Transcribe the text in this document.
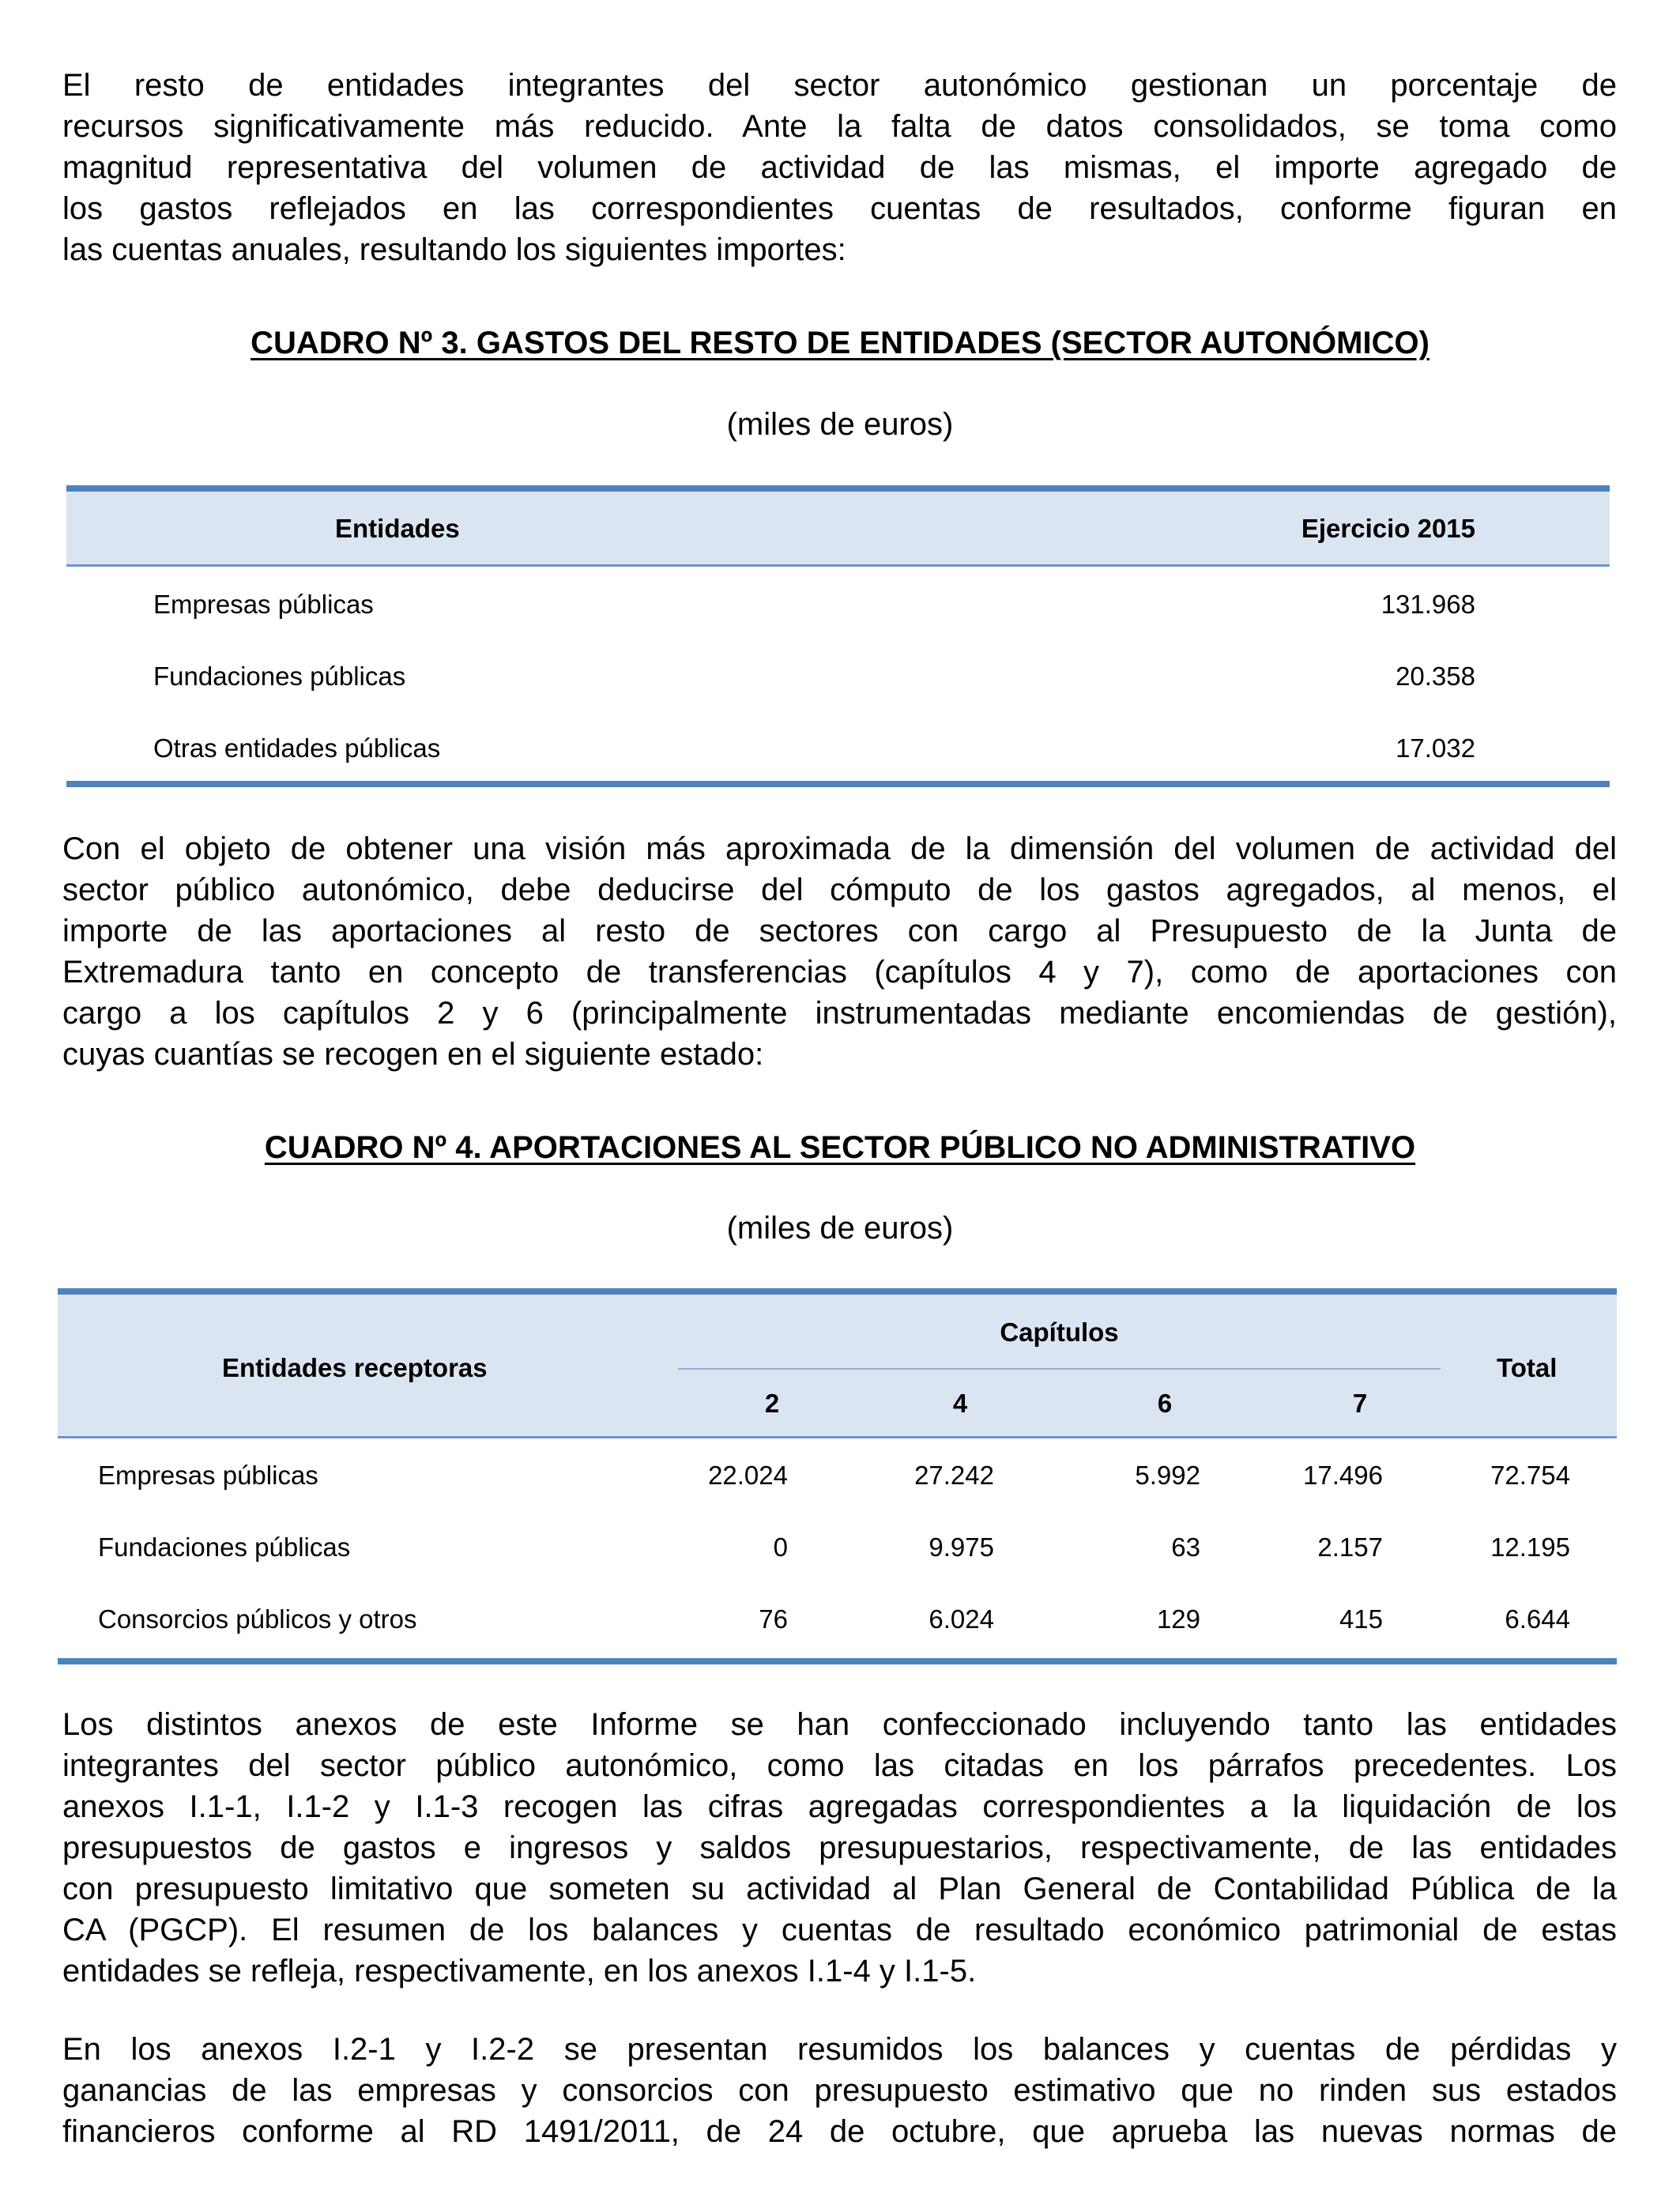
El resto de entidades integrantes del sector autonómico gestionan un porcentaje de
recursos significativamente más reducido. Ante la falta de datos consolidados, se toma como
magnitud representativa del volumen de actividad de las mismas, el importe agregado de
los gastos reflejados en las correspondientes cuentas de resultados, conforme figuran en
las cuentas anuales, resultando los siguientes importes:
CUADRO Nº 3. GASTOS DEL RESTO DE ENTIDADES (SECTOR AUTONÓMICO)
(miles de euros)
Entidades	Ejercicio 2015
Empresas públicas	131.968
Fundaciones públicas	20.358
Otras entidades públicas	17.032
Con el objeto de obtener una visión más aproximada de la dimensión del volumen de actividad del
sector público autonómico, debe deducirse del cómputo de los gastos agregados, al menos, el
importe de las aportaciones al resto de sectores con cargo al Presupuesto de la Junta de
Extremadura tanto en concepto de transferencias (capítulos 4 y 7), como de aportaciones con
cargo a los capítulos 2 y 6 (principalmente instrumentadas mediante encomiendas de gestión),
cuyas cuantías se recogen en el siguiente estado:
CUADRO Nº 4. APORTACIONES AL SECTOR PÚBLICO NO ADMINISTRATIVO
(miles de euros)
Entidades receptoras
Capítulos
Total
2	4	6	7
Empresas públicas	22.024	27.242	5.992	17.496	72.754
Fundaciones públicas	0	9.975	63	2.157	12.195
Consorcios públicos y otros	76	6.024	129	415	6.644
Los distintos anexos de este Informe se han confeccionado incluyendo tanto las entidades
integrantes del sector público autonómico, como las citadas en los párrafos precedentes. Los
anexos I.1-1, I.1-2 y I.1-3 recogen las cifras agregadas correspondientes a la liquidación de los
presupuestos de gastos e ingresos y saldos presupuestarios, respectivamente, de las entidades
con presupuesto limitativo que someten su actividad al Plan General de Contabilidad Pública de la
CA (PGCP). El resumen de los balances y cuentas de resultado económico patrimonial de estas
entidades se refleja, respectivamente, en los anexos I.1-4 y I.1-5.
En los anexos I.2-1 y I.2-2 se presentan resumidos los balances y cuentas de pérdidas y
ganancias de las empresas y consorcios con presupuesto estimativo que no rinden sus estados
financieros conforme al RD 1491/2011, de 24 de octubre, que aprueba las nuevas normas de
